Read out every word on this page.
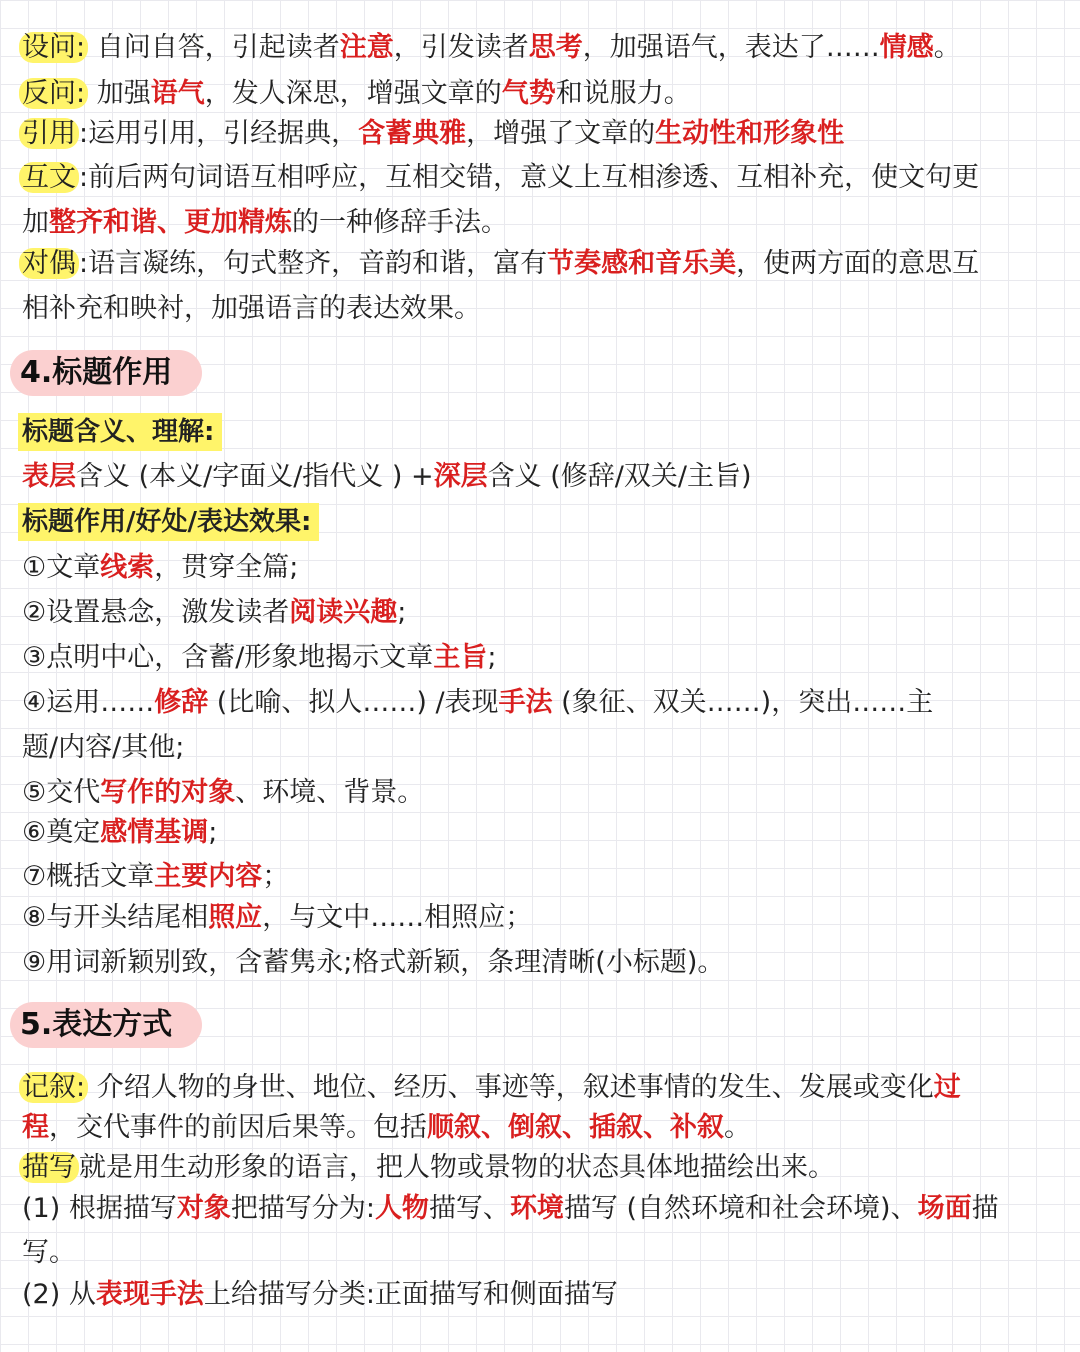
设问: 自问自答，引起读者注意，引发读者思考，加强语气，表达了……情感。
反问: 加强语气，发人深思，增强文章的气势和说服力。
引用 :运用引用，引经据典，含蓄典雅，增强了文章的生动性和形象性
互文 :前后两句词语互相呼应，互相交错，意义上互相渗透、互相补充，使文句更
加整齐和谐、更加精炼的一种修辞手法。
对偶 :语言凝练，句式整齐，音韵和谐，富有节奏感和音乐美，使两方面的意思互
相补充和映衬，加强语言的表达效果。
4.标题作用
标题含义、理解:
表层含义 (本义/字面义/指代义 ) +深层含义 (修辞/双关/主旨)
标题作用/好处/表达效果:
①文章线索，贯穿全篇;
②设置悬念，激发读者阅读兴趣;
③点明中心，含蓄/形象地揭示文章主旨;
④运用……修辞 (比喻、拟人……) /表现手法 (象征、双关……)，突出……主
题/内容/其他;
⑤交代写作的对象、环境、背景。
⑥奠定感情基调;
⑦概括文章主要内容；
⑧与开头结尾相照应，与文中……相照应；
⑨用词新颖别致，含蓄隽永;格式新颖，条理清晰(小标题)。
5.表达方式
记叙: 介绍人物的身世、地位、经历、事迹等，叙述事情的发生、发展或变化过
程，交代事件的前因后果等。包括顺叙、倒叙、插叙、补叙。
描写 就是用生动形象的语言，把人物或景物的状态具体地描绘出来。
(1) 根据描写对象把描写分为:人物描写、环境描写 (自然环境和社会环境)、场面描
写。
(2) 从表现手法上给描写分类:正面描写和侧面描写
